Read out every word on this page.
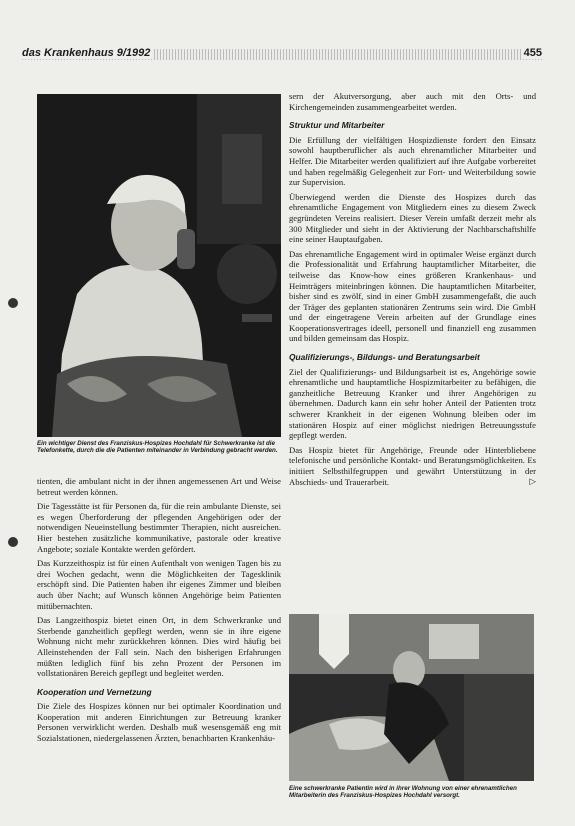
das Krankenhaus 9/1992	455
Ein wichtiger Dienst des Franziskus-Hospizes Hochdahl für Schwerkranke ist die Telefonkette, durch die die Patienten miteinander in Verbindung gebracht werden.

tienten, die ambulant nicht in der ihnen angemessenen Art und Weise betreut werden können.

Die Tagesstätte ist für Personen da, für die rein ambulante Dienste, sei es wegen Überforderung der pflegenden Angehörigen oder der notwendigen Neueinstellung bestimmter Therapien, nicht ausreichen. Hier bestehen zusätzliche kommunikative, pastorale oder kreative Angebote; soziale Kontakte werden gefördert.

Das Kurzzeithospiz ist für einen Aufenthalt von wenigen Tagen bis zu drei Wochen gedacht, wenn die Möglichkeiten der Tagesklinik erschöpft sind. Die Patienten haben ihr eigenes Zimmer und bleiben auch über Nacht; auf Wunsch können Angehörige beim Patienten mitübernachten.

Das Langzeithospiz bietet einen Ort, in dem Schwerkranke und Sterbende ganzheitlich gepflegt werden, wenn sie in ihre eigene Wohnung nicht mehr zurückkehren können. Dies wird häufig bei Alleinstehenden der Fall sein. Nach den bisherigen Erfahrungen müßten lediglich fünf bis zehn Prozent der Personen im vollstationären Bereich gepflegt und begleitet werden.

Kooperation und Vernetzung

Die Ziele des Hospizes können nur bei optimaler Koordination und Kooperation mit anderen Einrichtungen zur Betreuung kranker Personen verwirklicht werden. Deshalb muß wesensgemäß eng mit Sozialstationen, niedergelassenen Ärzten, benachbarten Krankenhäu-

sern der Akutversorgung, aber auch mit den Orts- und Kirchengemeinden zusammengearbeitet werden.

Struktur und Mitarbeiter

Die Erfüllung der vielfältigen Hospizdienste fordert den Einsatz sowohl hauptberuflicher als auch ehrenamtlicher Mitarbeiter und Helfer. Die Mitarbeiter werden qualifiziert auf ihre Aufgabe vorbereitet und haben regelmäßig Gelegenheit zur Fort- und Weiterbildung sowie zur Supervision.

Überwiegend werden die Dienste des Hospizes durch das ehrenamtliche Engagement von Mitgliedern eines zu diesem Zweck gegründeten Vereins realisiert. Dieser Verein umfaßt derzeit mehr als 300 Mitglieder und sieht in der Aktivierung der Nachbarschaftshilfe eine seiner Hauptaufgaben.

Das ehrenamtliche Engagement wird in optimaler Weise ergänzt durch die Professionalität und Erfahrung hauptamtlicher Mitarbeiter, die teilweise das Know-how eines größeren Krankenhaus- und Heimträgers miteinbringen können. Die hauptamtlichen Mitarbeiter, bisher sind es zwölf, sind in einer GmbH zusammengefaßt, die auch der Träger des geplanten stationären Zentrums sein wird. Die GmbH und der eingetragene Verein arbeiten auf der Grundlage eines Kooperationsvertrages ideell, personell und finanziell eng zusammen und bilden gemeinsam das Hospiz.

Qualifizierungs-, Bildungs- und Beratungsarbeit

Ziel der Qualifizierungs- und Bildungsarbeit ist es, Angehörige sowie ehrenamtliche und hauptamtliche Hospizmitarbeiter zu befähigen, die ganzheitliche Betreuung Kranker und ihrer Angehörigen zu übernehmen. Dadurch kann ein sehr hoher Anteil der Patienten trotz schwerer Krankheit in der eigenen Wohnung bleiben oder im stationären Hospiz auf einer möglichst niedrigen Betreuungsstufe gepflegt werden.

Das Hospiz bietet für Angehörige, Freunde oder Hinterbliebene telefonische und persönliche Kontakt- und Beratungsmöglichkeiten. Es initiiert Selbsthilfegruppen und gewährt Unterstützung in der Abschieds- und Trauerarbeit.	▷

Eine schwerkranke Patientin wird in ihrer Wohnung von einer ehrenamtlichen Mitarbeiterin des Franziskus-Hospizes Hochdahl versorgt.
